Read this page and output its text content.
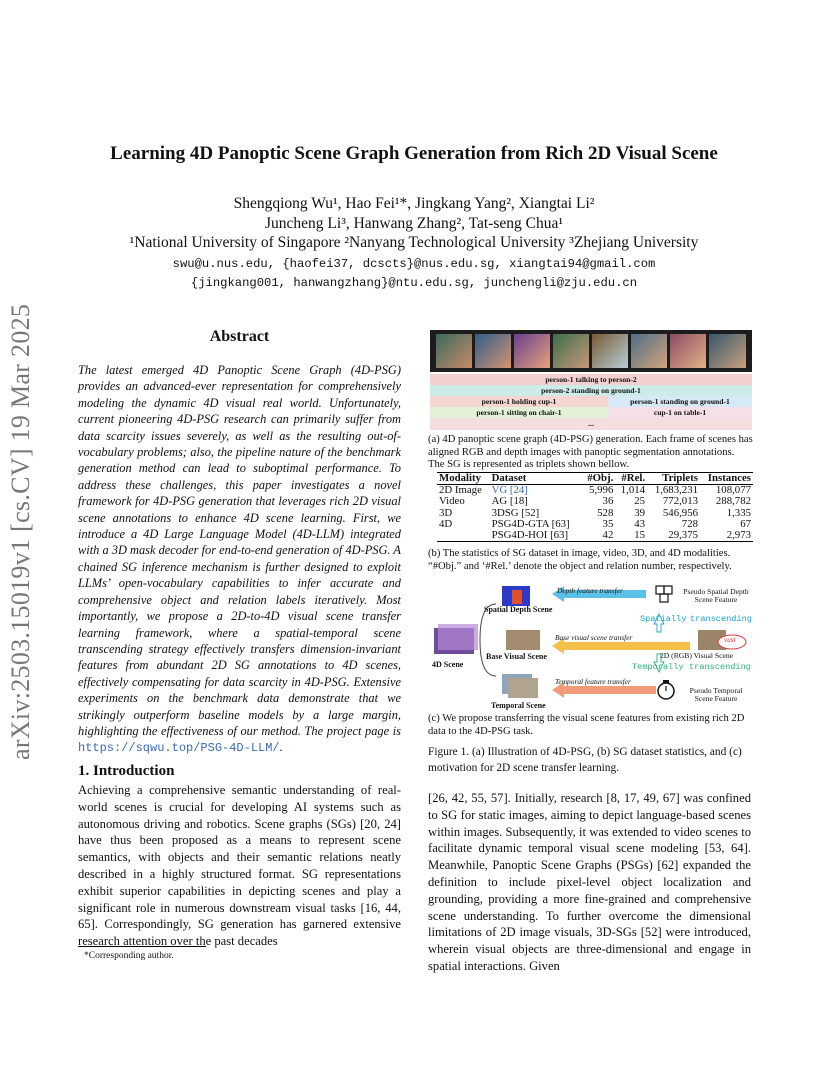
Learning 4D Panoptic Scene Graph Generation from Rich 2D Visual Scene
Shengqiong Wu¹, Hao Fei¹*, Jingkang Yang², Xiangtai Li²
Juncheng Li³, Hanwang Zhang², Tat-seng Chua¹
¹National University of Singapore ²Nanyang Technological University ³Zhejiang University
swu@u.nus.edu, {haofei37, dcscts}@nus.edu.sg, xiangtai94@gmail.com
{jingkang001, hanwangzhang}@ntu.edu.sg, junchengli@zju.edu.cn
arXiv:2503.15019v1 [cs.CV] 19 Mar 2025	Abstract
The latest emerged 4D Panoptic Scene Graph (4D-PSG) provides an advanced-ever representation for comprehensively modeling the dynamic 4D visual real world. Unfortunately, current pioneering 4D-PSG research can primarily suffer from data scarcity issues severely, as well as the resulting out-of-vocabulary problems; also, the pipeline nature of the benchmark generation method can lead to suboptimal performance. To address these challenges, this paper investigates a novel framework for 4D-PSG generation that leverages rich 2D visual scene annotations to enhance 4D scene learning. First, we introduce a 4D Large Language Model (4D-LLM) integrated with a 3D mask decoder for end-to-end generation of 4D-PSG. A chained SG inference mechanism is further designed to exploit LLMs’ open-vocabulary capabilities to infer accurate and comprehensive object and relation labels iteratively. Most importantly, we propose a 2D-to-4D visual scene transfer learning framework, where a spatial-temporal scene transcending strategy effectively transfers dimension-invariant features from abundant 2D SG annotations to 4D scenes, effectively compensating for data scarcity in 4D-PSG. Extensive experiments on the benchmark data demonstrate that we strikingly outperform baseline models by a large margin, highlighting the effectiveness of our method. The project page is https://sqwu.top/PSG-4D-LLM/.
1. Introduction
Achieving a comprehensive semantic understanding of real-world scenes is crucial for developing AI systems such as autonomous driving and robotics. Scene graphs (SGs) [20, 24] have thus been proposed as a means to represent scene semantics, with objects and their semantic relations neatly described in a highly structured format. SG representations exhibit superior capabilities in depicting scenes and play a significant role in numerous downstream visual tasks [16, 44, 65]. Correspondingly, SG generation has garnered extensive research attention over the past decades
[26, 42, 55, 57]. Initially, research [8, 17, 49, 67] was confined to SG for static images, aiming to depict language-based scenes within images. Subsequently, it was extended to video scenes to facilitate dynamic temporal visual scene modeling [53, 64]. Meanwhile, Panoptic Scene Graphs (PSGs) [62] expanded the definition to include pixel-level object localization and grounding, providing a more fine-grained and comprehensive scene understanding. To further overcome the dimensional limitations of 2D image visuals, 3D-SGs [52] were introduced, wherein visual objects are three-dimensional and engage in spatial interactions. Given
*Corresponding author.
person-1 talking to person-2
person-2 standing on ground-1
person-1 holding cup-1	person-1 standing on ground-1
person-1 sitting on chair-1	cup-1 on table-1
...
(a) 4D panoptic scene graph (4D-PSG) generation. Each frame of scenes has aligned RGB and depth images with panoptic segmentation annotations. The SG is represented as triplets shown bellow.
Modality	Dataset	#Obj.	#Rel.	Triplets	Instances
2D Image	VG [24]	5,996	1,014	1,683,231	108,077
Video	AG [18]	36	25	772,013	288,782
3D	3DSG [52]	528	39	546,956	1,335
4D	PSG4D-GTA [63]	35	43	728	67
	PSG4D-HOI [63]	42	15	29,375	2,973
(b) The statistics of SG dataset in image, video, 3D, and 4D modalities. “#Obj.” and ‘#Rel.’ denote the object and relation number, respectively.
Spatial Depth Scene
Base Visual Scene
Temporal Scene
4D Scene
Depth feature transfer
Base visual scene transfer
Temporal feature transfer
Pseudo Spatial Depth Scene Feature
2D (RGB) Visual Scene
Pseudo Temporal Scene Feature
Spatially transcending
Temporally transcending
vast
(c) We propose transferring the visual scene features from existing rich 2D data to the 4D-PSG task.
Figure 1. (a) Illustration of 4D-PSG, (b) SG dataset statistics, and (c) motivation for 2D scene transfer learning.
